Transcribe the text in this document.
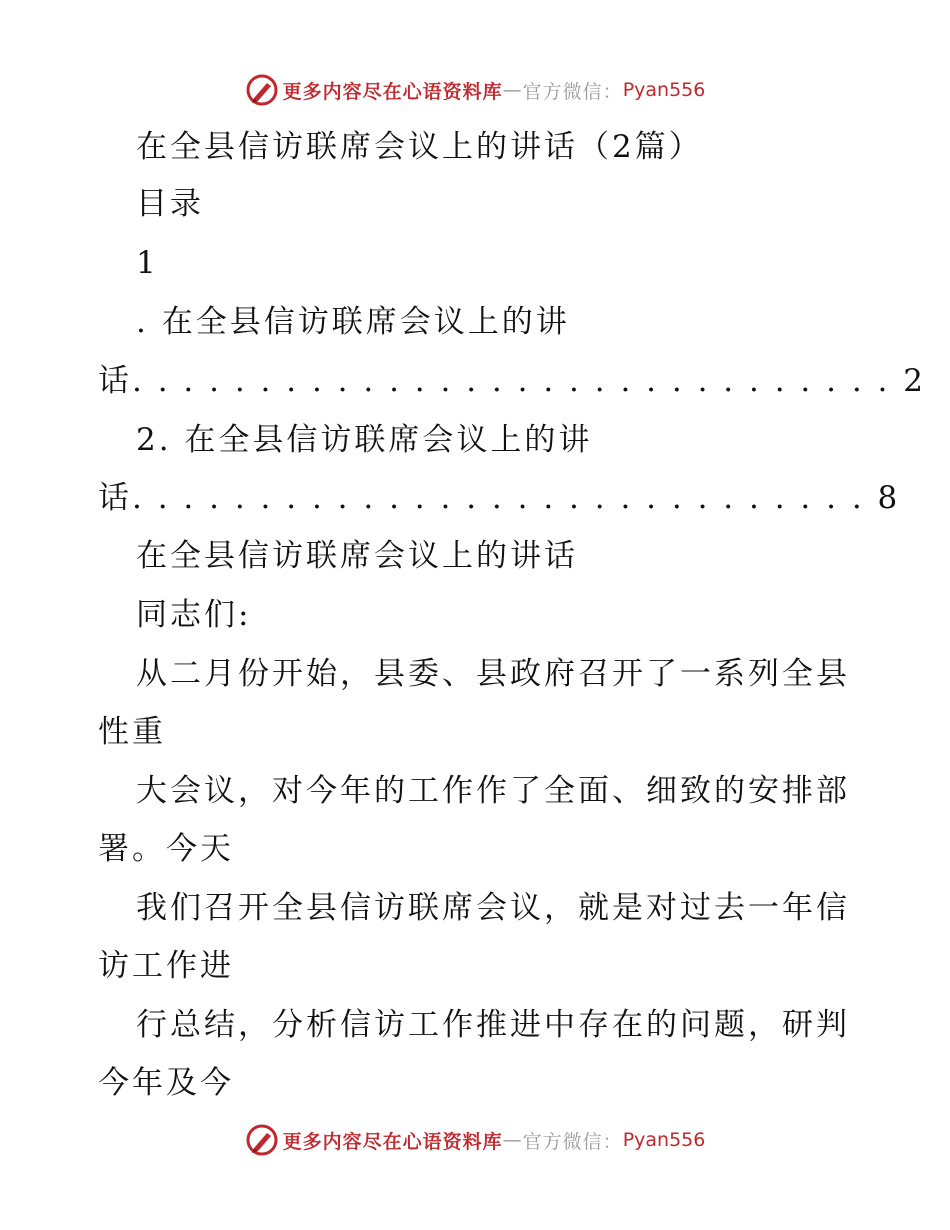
更多内容尽在心语资料库 — 官方微信： Pyan556
在全县信访联席会议上的讲话（2篇）
目录
1
. 在全县信访联席会议上的讲
话. . . . . . . . . . . . . . . . . . . . . . . . . . . . . . 2
2. 在全县信访联席会议上的讲
话. . . . . . . . . . . . . . . . . . . . . . . . . . . . . 8
在全县信访联席会议上的讲话
同志们:
从二月份开始，县委、县政府召开了一系列全县
性重
大会议，对今年的工作作了全面、细致的安排部
署。今天
我们召开全县信访联席会议，就是对过去一年信
访工作进
行总结，分析信访工作推进中存在的问题，研判
今年及今
更多内容尽在心语资料库 — 官方微信： Pyan556
